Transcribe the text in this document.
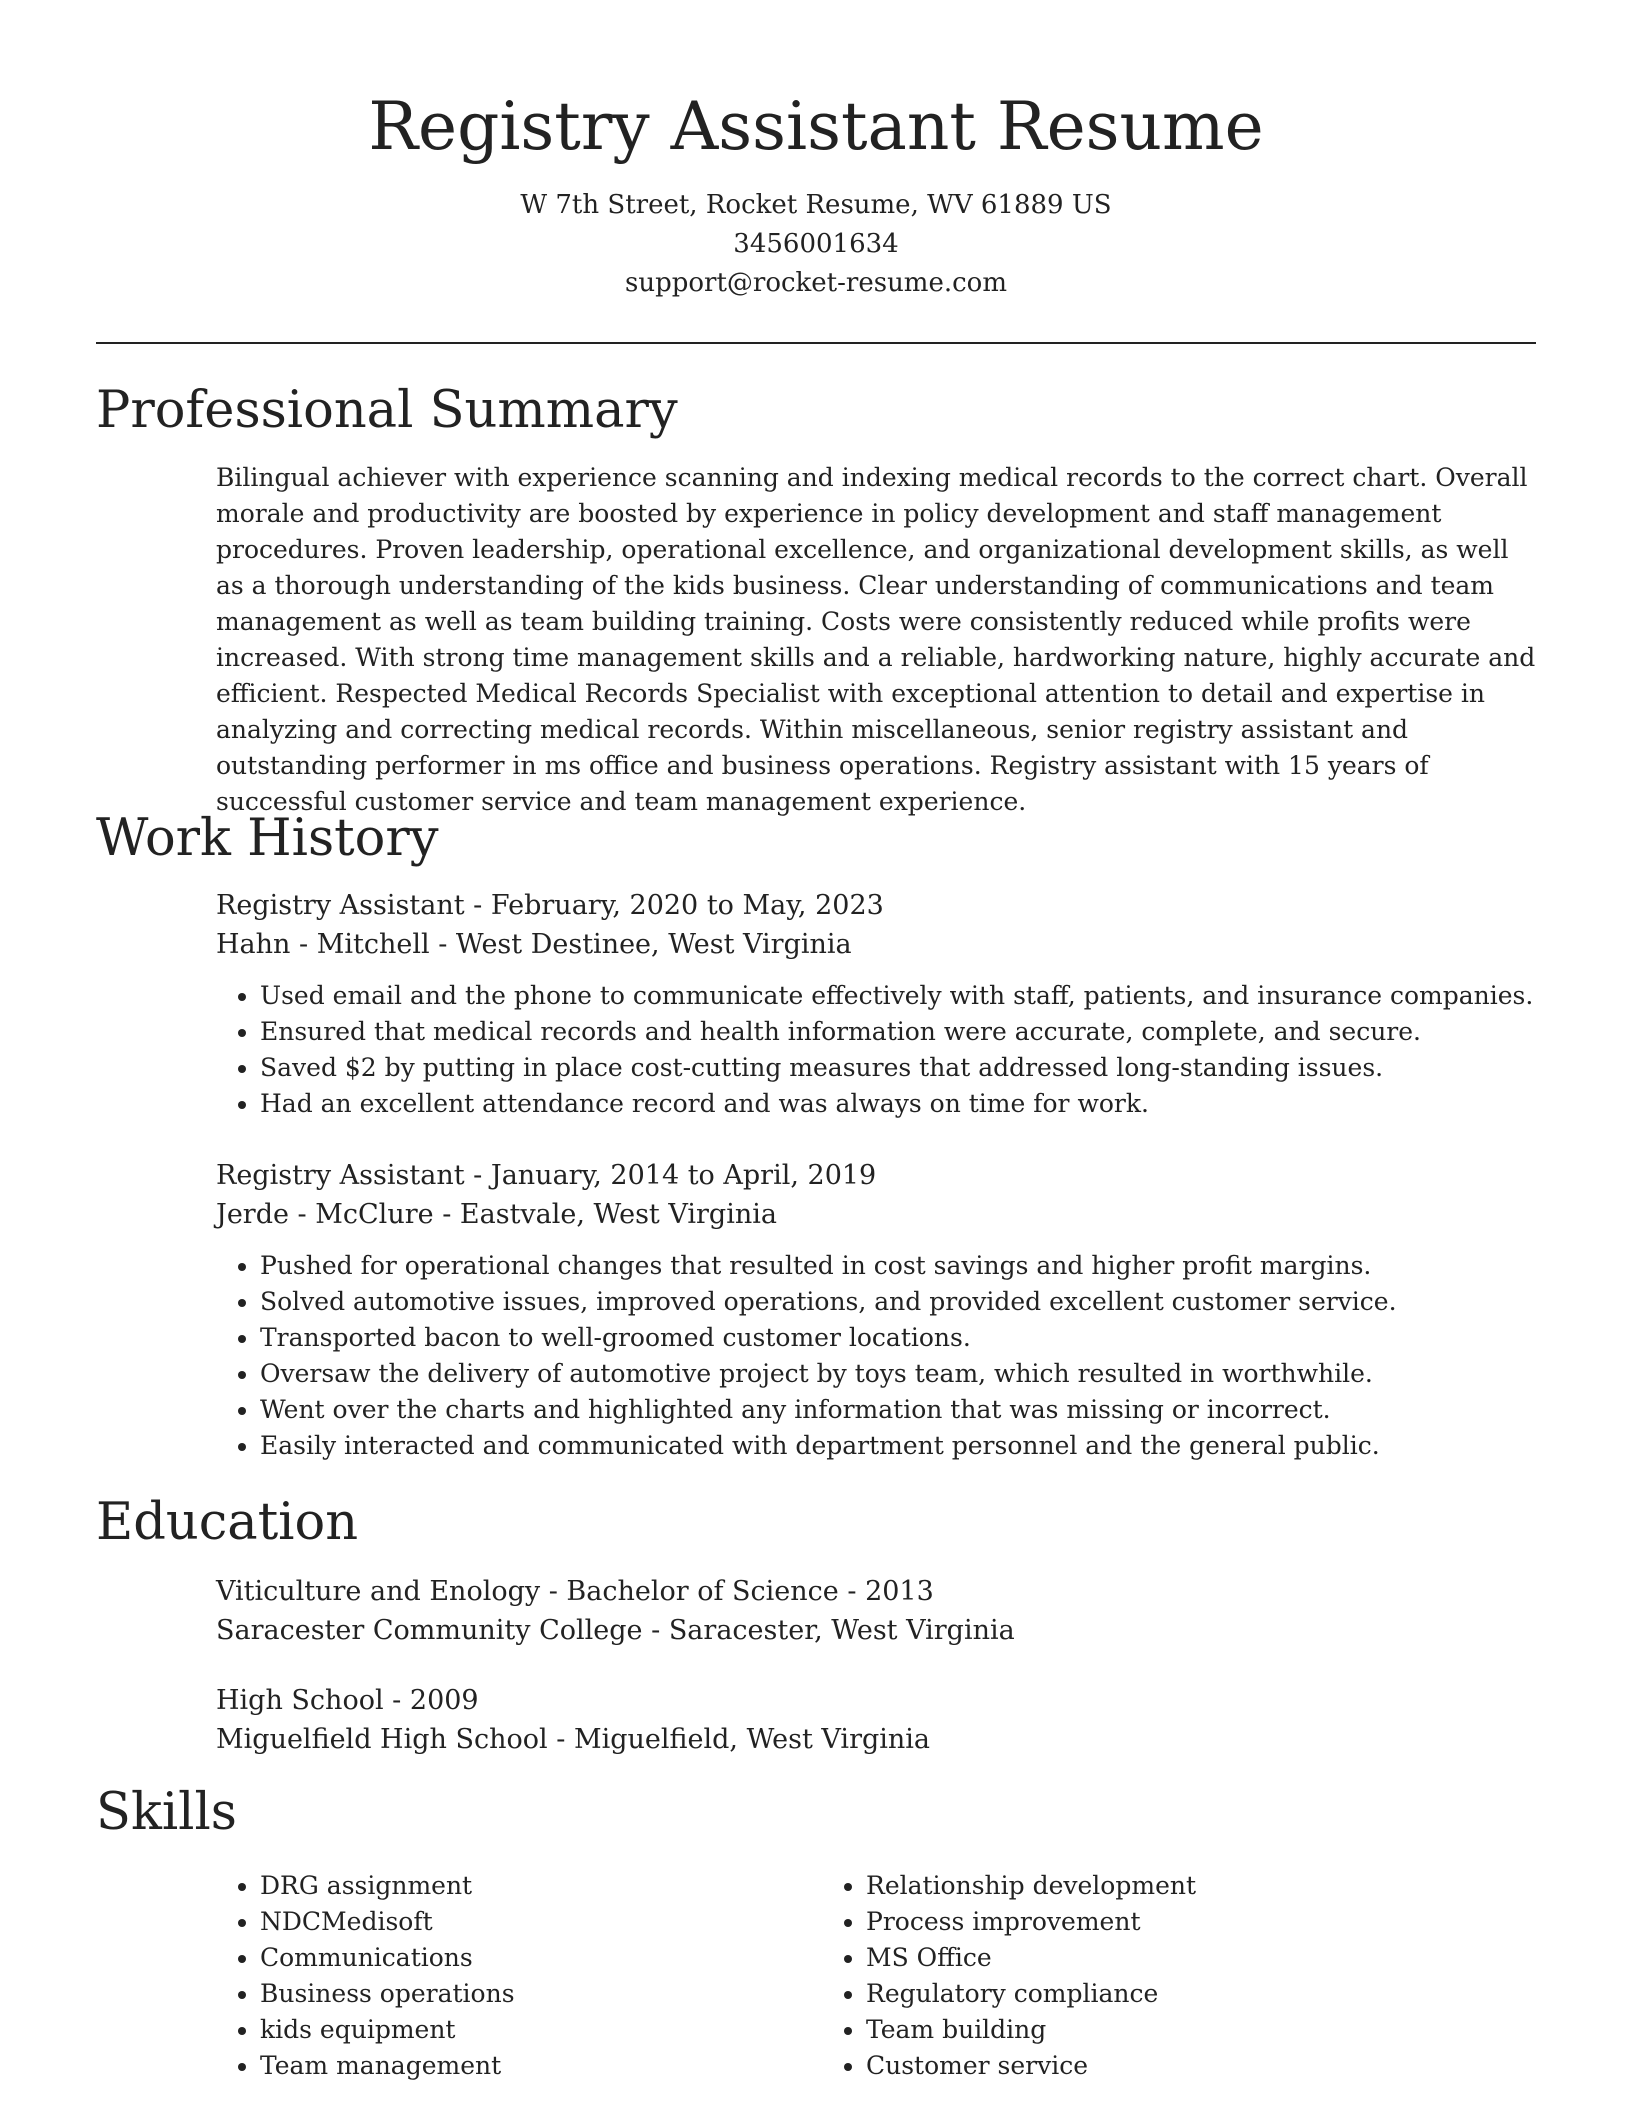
Registry Assistant Resume
W 7th Street, Rocket Resume, WV 61889 US
3456001634
support@rocket-resume.com
Professional Summary

Bilingual achiever with experience scanning and indexing medical records to the correct chart. Overall morale and productivity are boosted by experience in policy development and staff management procedures. Proven leadership, operational excellence, and organizational development skills, as well as a thorough understanding of the kids business. Clear understanding of communications and team management as well as team building training. Costs were consistently reduced while profits were increased. With strong time management skills and a reliable, hardworking nature, highly accurate and efficient. Respected Medical Records Specialist with exceptional attention to detail and expertise in analyzing and correcting medical records. Within miscellaneous, senior registry assistant and outstanding performer in ms office and business operations. Registry assistant with 15 years of successful customer service and team management experience.

Work History
Registry Assistant - February, 2020 to May, 2023
Hahn - Mitchell - West Destinee, West Virginia
• Used email and the phone to communicate effectively with staff, patients, and insurance companies.
• Ensured that medical records and health information were accurate, complete, and secure.
• Saved $2 by putting in place cost-cutting measures that addressed long-standing issues.
• Had an excellent attendance record and was always on time for work.
Registry Assistant - January, 2014 to April, 2019
Jerde - McClure - Eastvale, West Virginia
• Pushed for operational changes that resulted in cost savings and higher profit margins.
• Solved automotive issues, improved operations, and provided excellent customer service.
• Transported bacon to well-groomed customer locations.
• Oversaw the delivery of automotive project by toys team, which resulted in worthwhile.
• Went over the charts and highlighted any information that was missing or incorrect.
• Easily interacted and communicated with department personnel and the general public.
Education
Viticulture and Enology - Bachelor of Science - 2013
Saracester Community College - Saracester, West Virginia
High School - 2009
Miguelfield High School - Miguelfield, West Virginia
Skills
• DRG assignment
• NDCMedisoft
• Communications
• Business operations
• kids equipment
• Team management
• Relationship development
• Process improvement
• MS Office
• Regulatory compliance
• Team building
• Customer service
